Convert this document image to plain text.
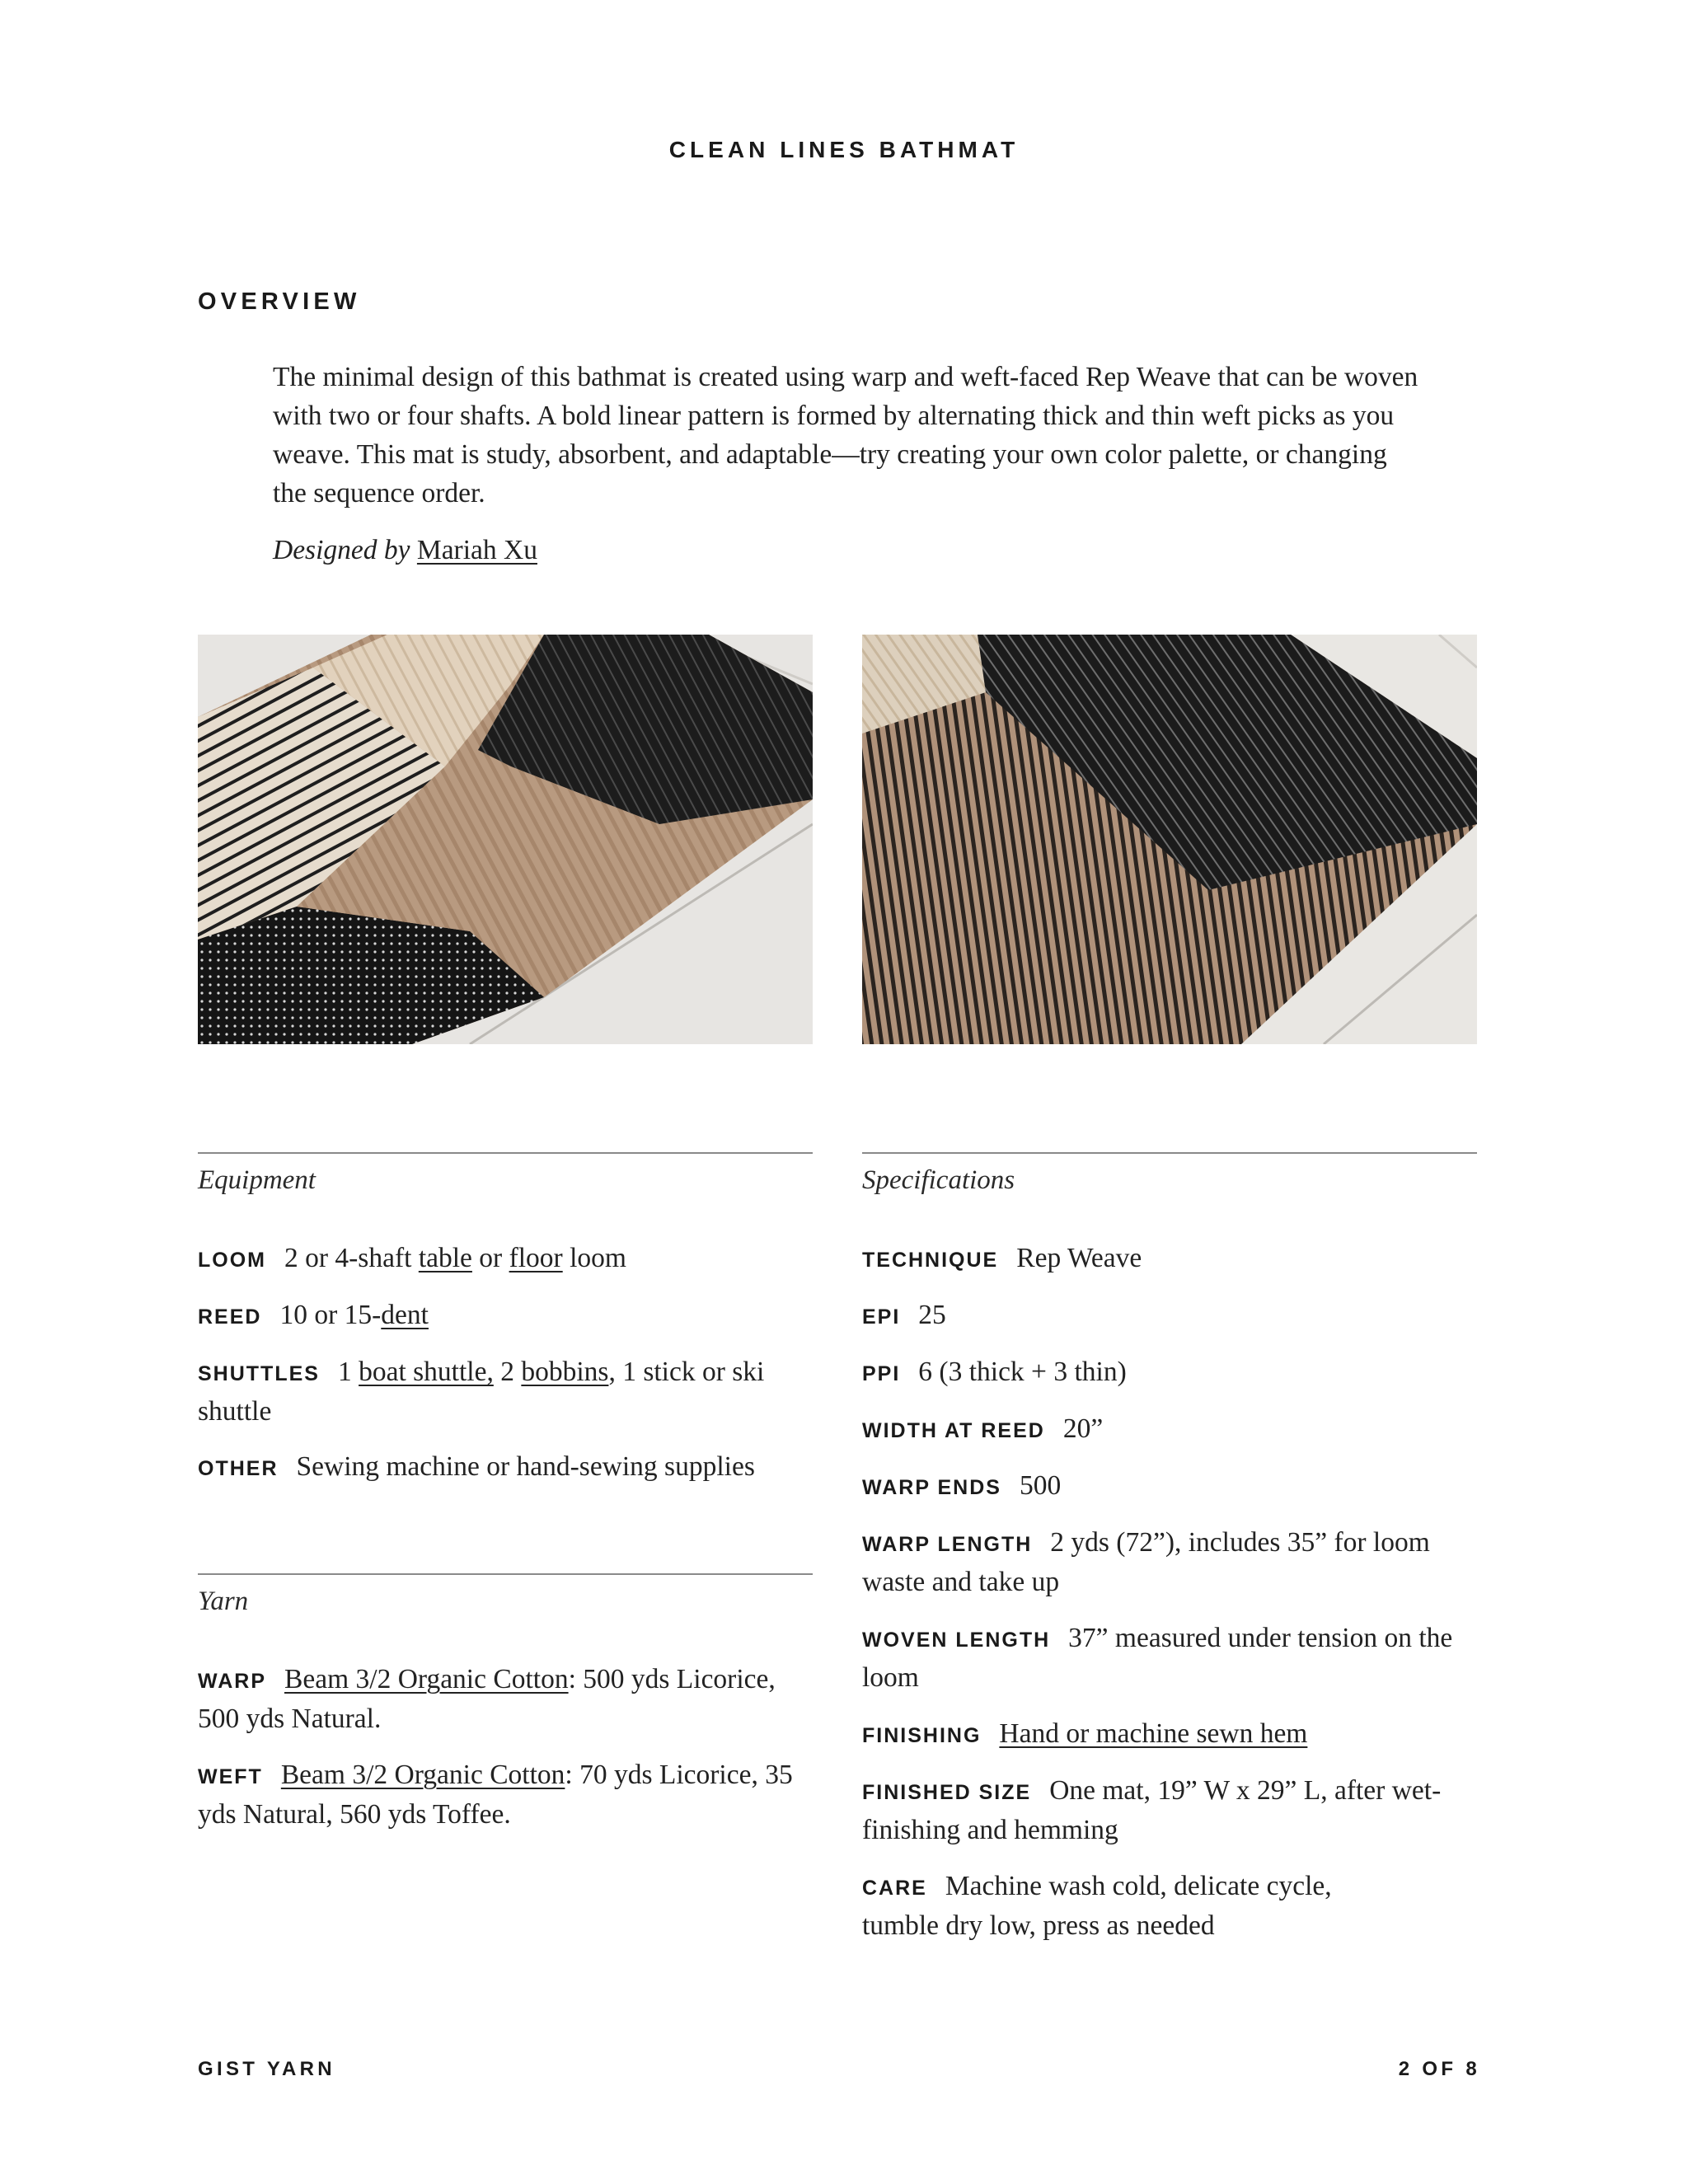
CLEAN LINES BATHMAT
OVERVIEW

The minimal design of this bathmat is created using warp and weft-faced Rep Weave that can be woven with two or four shafts. A bold linear pattern is formed by alternating thick and thin weft picks as you weave. This mat is study, absorbent, and adaptable—try creating your own color palette, or changing the sequence order.

Designed by Mariah Xu

Equipment

LOOM 2 or 4-shaft table or floor loom

REED 10 or 15-dent

SHUTTLES 1 boat shuttle, 2 bobbins, 1 stick or ski shuttle

OTHER Sewing machine or hand-sewing supplies

Yarn

WARP Beam 3/2 Organic Cotton: 500 yds Licorice, 500 yds Natural.

WEFT Beam 3/2 Organic Cotton: 70 yds Licorice, 35 yds Natural, 560 yds Toffee.

Specifications

TECHNIQUE Rep Weave

EPI 25

PPI 6 (3 thick + 3 thin)

WIDTH AT REED 20”

WARP ENDS 500

WARP LENGTH 2 yds (72”), includes 35” for loom waste and take up

WOVEN LENGTH 37” measured under tension on the loom

FINISHING Hand or machine sewn hem

FINISHED SIZE One mat, 19” W x 29” L, after wet-finishing and hemming

CARE Machine wash cold, delicate cycle, tumble dry low, press as needed

GIST YARN	2 OF 8
